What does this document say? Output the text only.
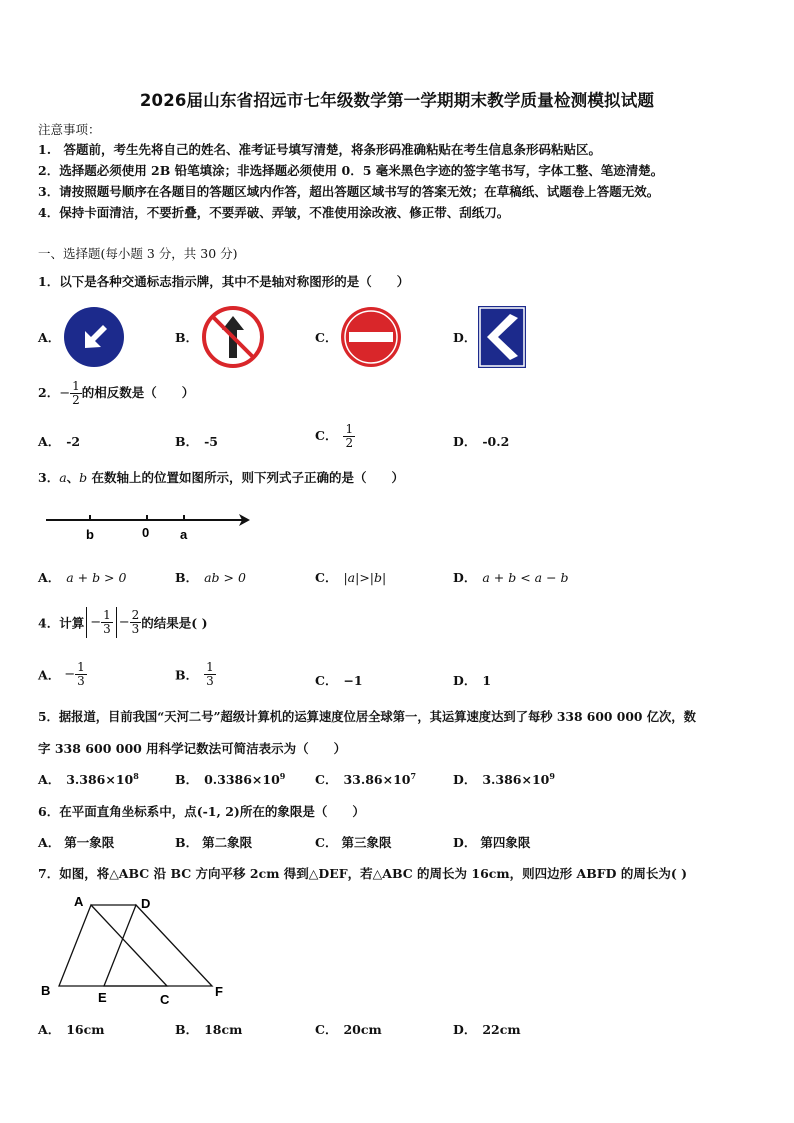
2026届山东省招远市七年级数学第一学期期末教学质量检测模拟试题
注意事项：
1.　答题前，考生先将自己的姓名、准考证号填写清楚，将条形码准确粘贴在考生信息条形码粘贴区。
2．选择题必须使用 2B 铅笔填涂；非选择题必须使用 0．5 毫米黑色字迹的签字笔书写，字体工整、笔迹清楚。
3．请按照题号顺序在各题目的答题区域内作答，超出答题区域书写的答案无效；在草稿纸、试题卷上答题无效。
4．保持卡面清洁，不要折叠，不要弄破、弄皱，不准使用涂改液、修正带、刮纸刀。
一、选择题(每小题 3 分，共 30 分)
1．以下是各种交通标志指示牌，其中不是轴对称图形的是（　　）
A．	B．	C．	D．
2．− $\frac{1}{2}$ 的相反数是（　　）
A． -2	B． -5	C． $\frac{1}{2}$	D． -0.2
3．a、b 在数轴上的位置如图所示，则下列式子正确的是（　　）
b	0 a
A． a + b > 0	B． ab > 0	C． |a|>|b|	D． a + b < a − b
4．计算 − $\frac{1}{3} - \frac{2}{3}$ 的结果是( )
A． − $\frac{1}{3}$	B． $\frac{1}{3}$	C． −1	D． 1
5．据报道，目前我国“天河二号”超级计算机的运算速度位居全球第一，其运算速度达到了每秒 338 600 000 亿次，数
字 338 600 000 用科学记数法可简洁表示为（　　）
A． $3.386\times 10^8$	B． $0.3386\times 10^9$ C． $33.86\times 10^7$	D． $3.386\times 10^9$
6．在平面直角坐标系中，点(-1, 2)所在的象限是（　　）
A． 第一象限	B． 第二象限	C． 第三象限	D． 第四象限
7．如图，将△ABC 沿 BC 方向平移 2cm 得到△DEF，若△ABC 的周长为 16cm，则四边形 ABFD 的周长为( )
A	D
B	E	C
F
A． 16cm	B． 18cm	C． 20cm	D． 22cm
